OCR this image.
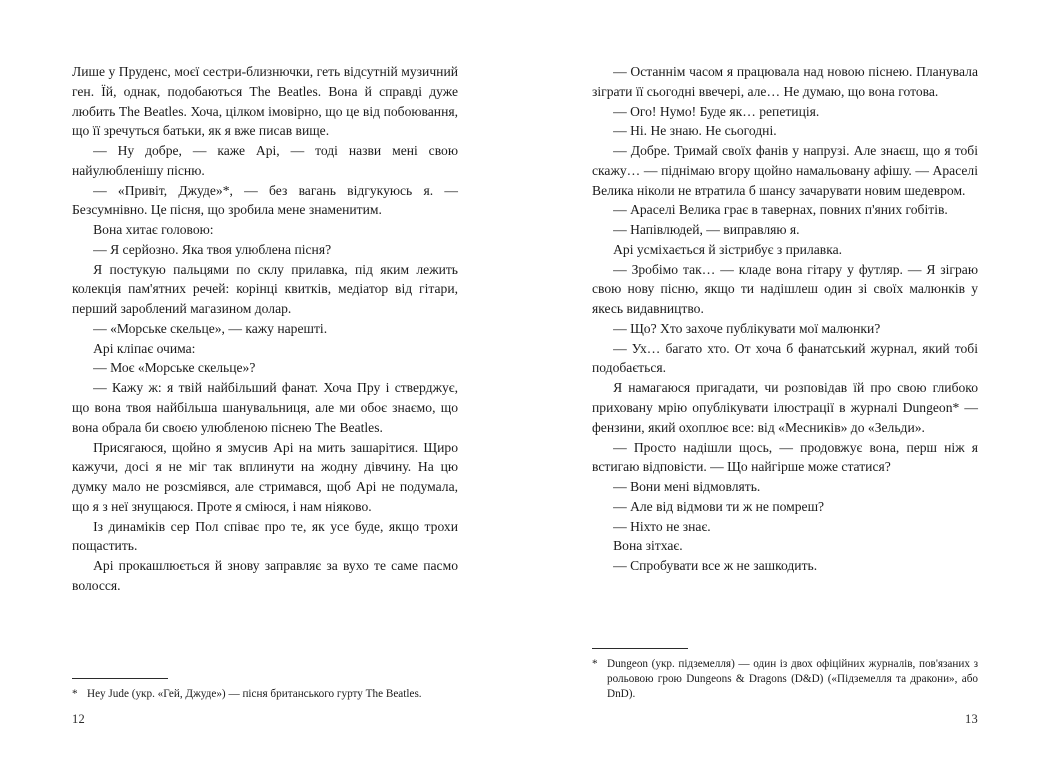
Лише у Пруденс, моєї сестри-близнючки, геть відсутній музичний ген. Їй, однак, подобаються The Beatles. Вона й справді дуже любить The Beatles. Хоча, цілком імовірно, що це від побоювання, що її зречуться батьки, як я вже писав вище.

— Ну добре, — каже Арі, — тоді назви мені свою найулюбленішу пісню.

— «Привіт, Джуде»*, — без вагань відгукуюсь я. — Безсумнівно. Це пісня, що зробила мене знаменитим.

Вона хитає головою:

— Я серйозно. Яка твоя улюблена пісня?

Я постукую пальцями по склу прилавка, під яким лежить колекція пам'ятних речей: корінці квитків, медіатор від гітари, перший зароблений магазином долар.

— «Морське скельце», — кажу нарешті.

Арі кліпає очима:

— Моє «Морське скельце»?

— Кажу ж: я твій найбільший фанат. Хоча Пру і стверджує, що вона твоя найбільша шанувальниця, але ми обоє знаємо, що вона обрала би своєю улюбленою піснею The Beatles.

Присягаюся, щойно я змусив Арі на мить зашарітися. Щиро кажучи, досі я не міг так вплинути на жодну дівчину. На цю думку мало не розсміявся, але стримався, щоб Арі не подумала, що я з неї знущаюся. Проте я сміюся, і нам ніяково.

Із динаміків сер Пол співає про те, як усе буде, якщо трохи пощастить.

Арі прокашлюється й знову заправляє за вухо те саме пасмо волосся.

* Hey Jude (укр. «Гей, Джуде») — пісня британського гурту The Beatles.

— Останнім часом я працювала над новою піснею. Планувала зіграти її сьогодні ввечері, але… Не думаю, що вона готова.

— Ого! Нумо! Буде як… репетиція.

— Ні. Не знаю. Не сьогодні.

— Добре. Тримай своїх фанів у напрузі. Але знаєш, що я тобі скажу… — піднімаю вгору щойно намальовану афішу. — Араселі Велика ніколи не втратила б шансу зачарувати новим шедевром.

— Араселі Велика грає в тавернах, повних п'яних гобітів.

— Напівлюдей, — виправляю я.

Арі усміхається й зістрибує з прилавка.

— Зробімо так… — кладе вона гітару у футляр. — Я зіграю свою нову пісню, якщо ти надішлеш один зі своїх малюнків у якесь видавництво.

— Що? Хто захоче публікувати мої малюнки?

— Ух… багато хто. От хоча б фанатський журнал, який тобі подобається.

Я намагаюся пригадати, чи розповідав їй про свою глибоко приховану мрію опублікувати ілюстрації в журналі Dungeon* — фензини, який охоплює все: від «Месників» до «Зельди».

— Просто надішли щось, — продовжує вона, перш ніж я встигаю відповісти. — Що найгірше може статися?

— Вони мені відмовлять.

— Але від відмови ти ж не помреш?

— Ніхто не знає.

Вона зітхає.

— Спробувати все ж не зашкодить.

* Dungeon (укр. підземелля) — один із двох офіційних журналів, пов'язаних з рольовою грою Dungeons & Dragons (D&D) («Підземелля та дракони», або DnD).
12	13
